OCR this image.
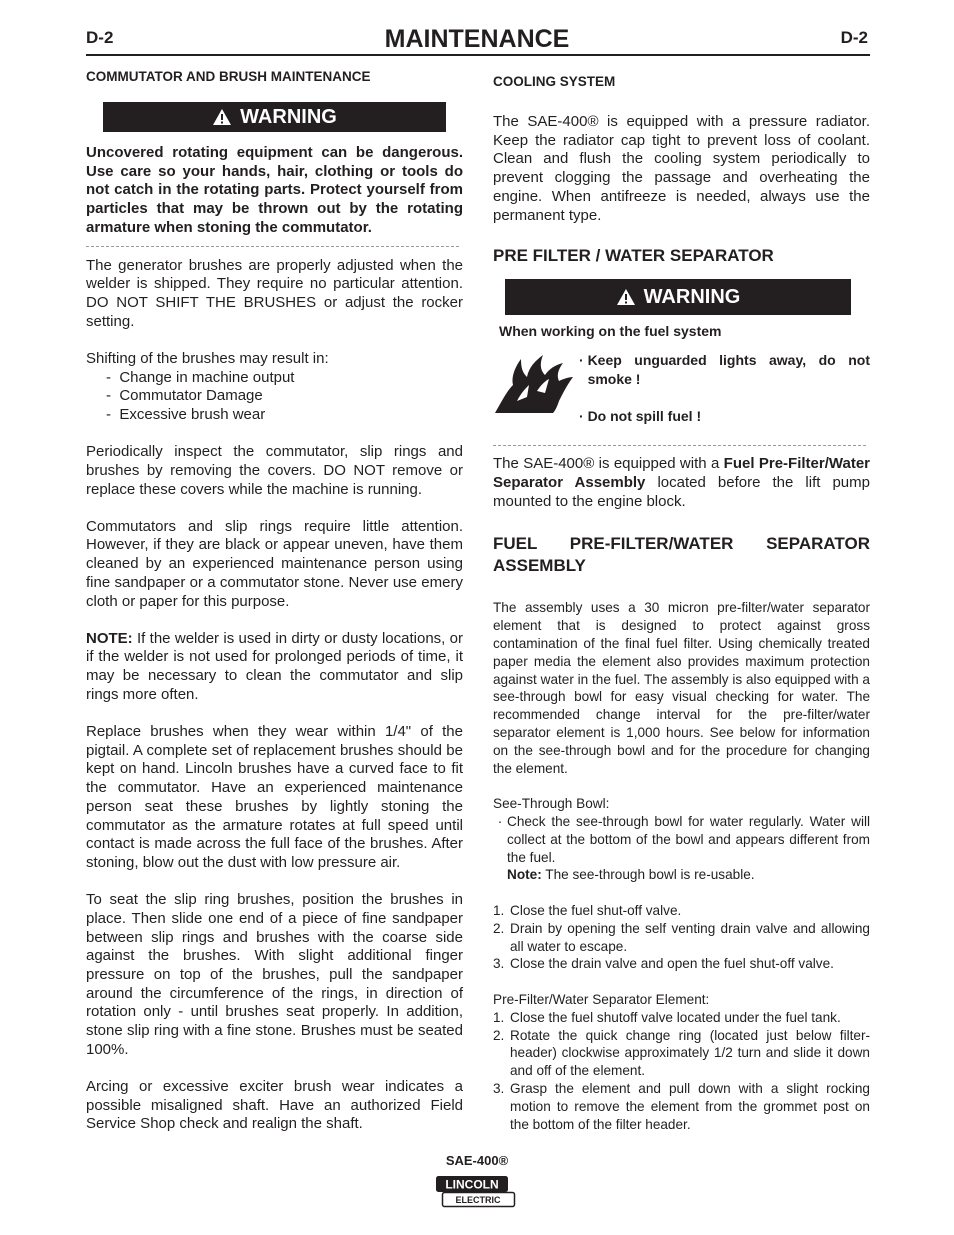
D-2	MAINTENANCE	D-2
COMMUTATOR AND BRUSH MAINTENANCE
WARNING
Uncovered rotating equipment can be dangerous. Use care so your hands, hair, clothing or tools do not catch in the rotating parts. Protect yourself from particles that may be thrown out by the rotating armature when stoning the commutator.
The generator brushes are properly adjusted when the welder is shipped. They require no particular attention. DO NOT SHIFT THE BRUSHES or adjust the rocker setting.
Shifting of the brushes may result in:
- Change in machine output
- Commutator Damage
- Excessive brush wear
Periodically inspect the commutator, slip rings and brushes by removing the covers. DO NOT remove or replace these covers while the machine is running.
Commutators and slip rings require little attention. However, if they are black or appear uneven, have them cleaned by an experienced maintenance person using fine sandpaper or a commutator stone. Never use emery cloth or paper for this purpose.
NOTE: If the welder is used in dirty or dusty locations, or if the welder is not used for prolonged periods of time, it may be necessary to clean the commutator and slip rings more often.
Replace brushes when they wear within 1/4" of the pigtail. A complete set of replacement brushes should be kept on hand. Lincoln brushes have a curved face to fit the commutator. Have an experienced maintenance person seat these brushes by lightly stoning the commutator as the armature rotates at full speed until contact is made across the full face of the brushes. After stoning, blow out the dust with low pressure air.
To seat the slip ring brushes, position the brushes in place. Then slide one end of a piece of fine sandpaper between slip rings and brushes with the coarse side against the brushes. With slight additional finger pressure on top of the brushes, pull the sandpaper around the circumference of the rings, in direction of rotation only - until brushes seat properly. In addition, stone slip ring with a fine stone. Brushes must be seated 100%.
Arcing or excessive exciter brush wear indicates a possible misaligned shaft. Have an authorized Field Service Shop check and realign the shaft.
COOLING SYSTEM
The SAE-400® is equipped with a pressure radiator. Keep the radiator cap tight to prevent loss of coolant. Clean and flush the cooling system periodically to prevent clogging the passage and overheating the engine. When antifreeze is needed, always use the permanent type.
PRE FILTER / WATER SEPARATOR
WARNING
When working on the fuel system
· Keep unguarded lights away, do not smoke !
· Do not spill fuel !
The SAE-400® is equipped with a Fuel Pre-Filter/Water Separator Assembly located before the lift pump mounted to the engine block.
FUEL PRE-FILTER/WATER SEPARATOR ASSEMBLY
The assembly uses a 30 micron pre-filter/water separator element that is designed to protect against gross contamination of the final fuel filter. Using chemically treated paper media the element also provides maximum protection against water in the fuel. The assembly is also equipped with a see-through bowl for easy visual checking for water. The recommended change interval for the pre-filter/water separator element is 1,000 hours. See below for information on the see-through bowl and for the procedure for changing the element.
See-Through Bowl:
· Check the see-through bowl for water regularly. Water will collect at the bottom of the bowl and appears different from the fuel.
Note: The see-through bowl is re-usable.
1. Close the fuel shut-off valve.
2. Drain by opening the self venting drain valve and allowing all water to escape.
3. Close the drain valve and open the fuel shut-off valve.
Pre-Filter/Water Separator Element:
1. Close the fuel shutoff valve located under the fuel tank.
2. Rotate the quick change ring (located just below filter-header) clockwise approximately 1/2 turn and slide it down and off of the element.
3. Grasp the element and pull down with a slight rocking motion to remove the element from the grommet post on the bottom of the filter header.
SAE-400®
LINCOLN
ELECTRIC
